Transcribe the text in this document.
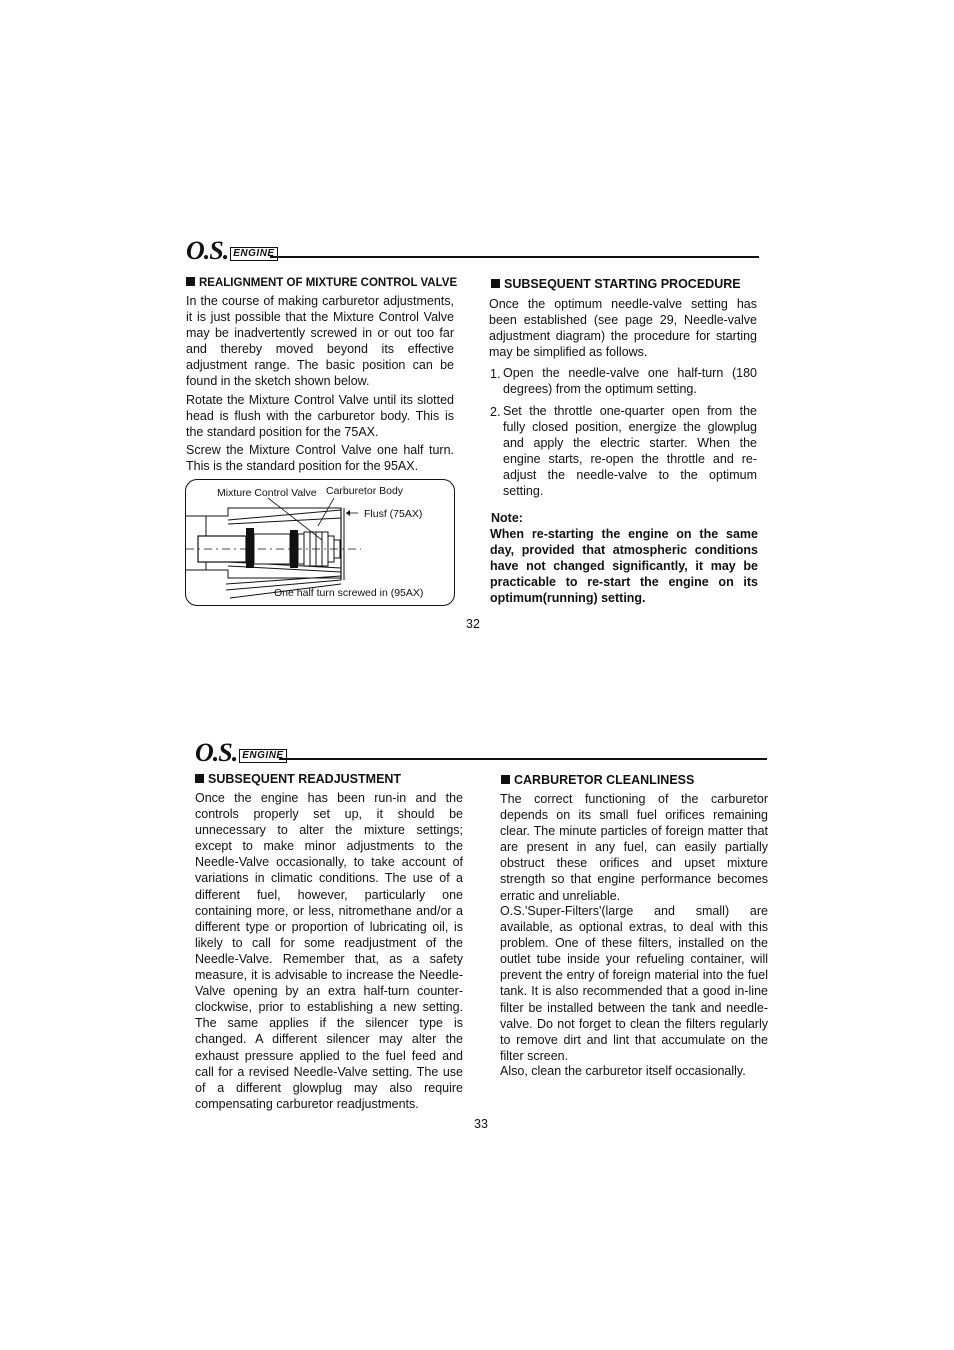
O.S. ENGINE
REALIGNMENT OF MIXTURE CONTROL VALVE

In the course of making carburetor adjustments, it is just possible that the Mixture Control Valve may be inadvertently screwed in or out too far and thereby moved beyond its effective adjustment range. The basic position can be found in the sketch shown below.

Rotate the Mixture Control Valve until its slotted head is flush with the carburetor body. This is the standard position for the 75AX.

Screw the Mixture Control Valve one half turn. This is the standard position for the 95AX.

Mixture Control Valve Carburetor Body
Flusf (75AX)
One half turn screwed in (95AX)
SUBSEQUENT STARTING PROCEDURE

Once the optimum needle-valve setting has been established (see page 29, Needle-valve adjustment diagram) the procedure for starting may be simplified as follows.

1. Open the needle-valve one half-turn (180 degrees) from the optimum setting.

2. Set the throttle one-quarter open from the fully closed position, energize the glowplug and apply the electric starter. When the engine starts, re-open the throttle and re-adjust the needle-valve to the optimum setting.

Note:

When re-starting the engine on the same day, provided that atmospheric conditions have not changed significantly, it may be practicable to re-start the engine on its optimum(running) setting.

32
O.S. ENGINE
SUBSEQUENT READJUSTMENT

Once the engine has been run-in and the controls properly set up, it should be unnecessary to alter the mixture settings; except to make minor adjustments to the Needle-Valve occasionally, to take account of variations in climatic conditions. The use of a different fuel, however, particularly one containing more, or less, nitromethane and/or a different type or proportion of lubricating oil, is likely to call for some readjustment of the Needle-Valve. Remember that, as a safety measure, it is advisable to increase the Needle-Valve opening by an extra half-turn counter-clockwise, prior to establishing a new setting. The same applies if the silencer type is changed. A different silencer may alter the exhaust pressure applied to the fuel feed and call for a revised Needle-Valve setting. The use of a different glowplug may also require compensating carburetor readjustments.

CARBURETOR CLEANLINESS

The correct functioning of the carburetor depends on its small fuel orifices remaining clear. The minute particles of foreign matter that are present in any fuel, can easily partially obstruct these orifices and upset mixture strength so that engine performance becomes erratic and unreliable.

O.S.'Super-Filters'(large and small) are available, as optional extras, to deal with this problem. One of these filters, installed on the outlet tube inside your refueling container, will prevent the entry of foreign material into the fuel tank. It is also recommended that a good in-line filter be installed between the tank and needle-valve. Do not forget to clean the filters regularly to remove dirt and lint that accumulate on the filter screen.

Also, clean the carburetor itself occasionally.

33
